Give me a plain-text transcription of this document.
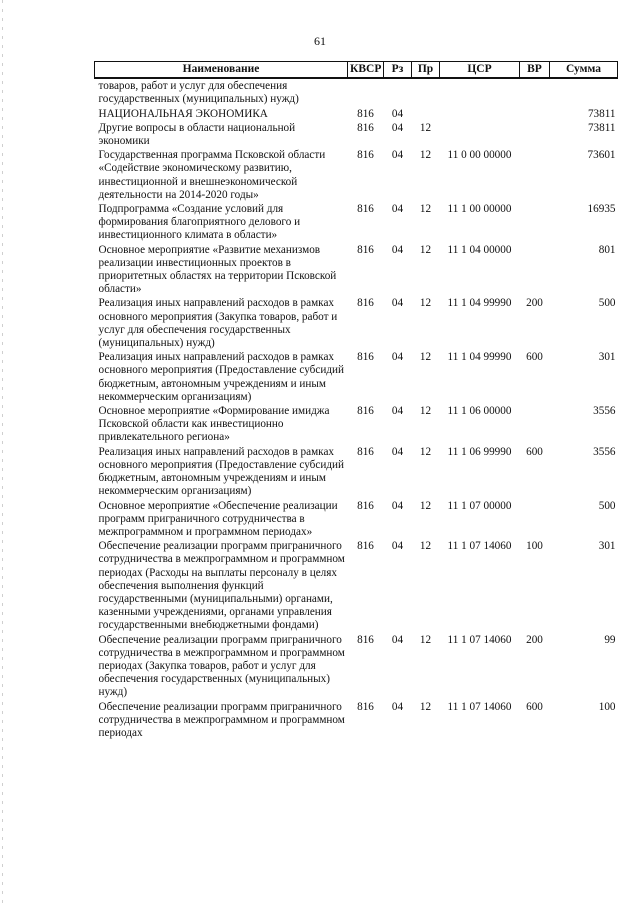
61
Наименование	КВСР	Рз	Пр	ЦСР	ВР	Сумма
товаров, работ и услуг для обеспечения государственных (муниципальных) нужд)						
НАЦИОНАЛЬНАЯ ЭКОНОМИКА	816	04				73811
Другие вопросы в области национальной экономики	816	04	12			73811
Государственная программа Псковской области «Содействие экономическому развитию, инвестиционной и внешнеэкономической деятельности на 2014-2020 годы»	816	04	12	11 0 00 00000		73601
Подпрограмма «Создание условий для формирования благоприятного делового и инвестиционного климата в области»	816	04	12	11 1 00 00000		16935
Основное мероприятие «Развитие механизмов реализации инвестиционных проектов в приоритетных областях на территории Псковской области»	816	04	12	11 1 04 00000		801
Реализация иных направлений расходов в рамках основного мероприятия (Закупка товаров, работ и услуг для обеспечения государственных (муниципальных) нужд)	816	04	12	11 1 04 99990	200	500
Реализация иных направлений расходов в рамках основного мероприятия (Предоставление субсидий бюджетным, автономным учреждениям и иным некоммерческим организациям)	816	04	12	11 1 04 99990	600	301
Основное мероприятие «Формирование имиджа Псковской области как инвестиционно привлекательного региона»	816	04	12	11 1 06 00000		3556
Реализация иных направлений расходов в рамках основного мероприятия (Предоставление субсидий бюджетным, автономным учреждениям и иным некоммерческим организациям)	816	04	12	11 1 06 99990	600	3556
Основное мероприятие «Обеспечение реализации программ приграничного сотрудничества в межпрограммном и программном периодах»	816	04	12	11 1 07 00000		500
Обеспечение реализации программ приграничного сотрудничества в межпрограммном и программном периодах (Расходы на выплаты персоналу в целях обеспечения выполнения функций государственными (муниципальными) органами, казенными учреждениями, органами управления государственными внебюджетными фондами)	816	04	12	11 1 07 14060	100	301
Обеспечение реализации программ приграничного сотрудничества в межпрограммном и программном периодах (Закупка товаров, работ и услуг для обеспечения государственных (муниципальных) нужд)	816	04	12	11 1 07 14060	200	99
Обеспечение реализации программ приграничного сотрудничества в межпрограммном и программном периодах	816	04	12	11 1 07 14060	600	100
